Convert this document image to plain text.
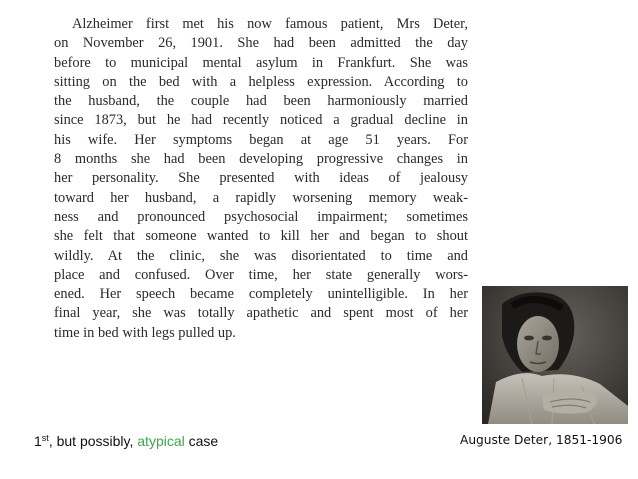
Alzheimer first met his now famous patient, Mrs Deter,
on November 26, 1901. She had been admitted the day
before to municipal mental asylum in Frankfurt. She was
sitting on the bed with a helpless expression. According to
the husband, the couple had been harmoniously married
since 1873, but he had recently noticed a gradual decline in
his wife. Her symptoms began at age 51 years. For
8 months she had been developing progressive changes in
her personality. She presented with ideas of jealousy
toward her husband, a rapidly worsening memory weak-
ness and pronounced psychosocial impairment; sometimes
she felt that someone wanted to kill her and began to shout
wildly. At the clinic, she was disorientated to time and
place and confused. Over time, her state generally wors-
ened. Her speech became completely unintelligible. In her
final year, she was totally apathetic and spent most of her
time in bed with legs pulled up.
1st, but possibly, atypical case	Auguste Deter, 1851-1906
